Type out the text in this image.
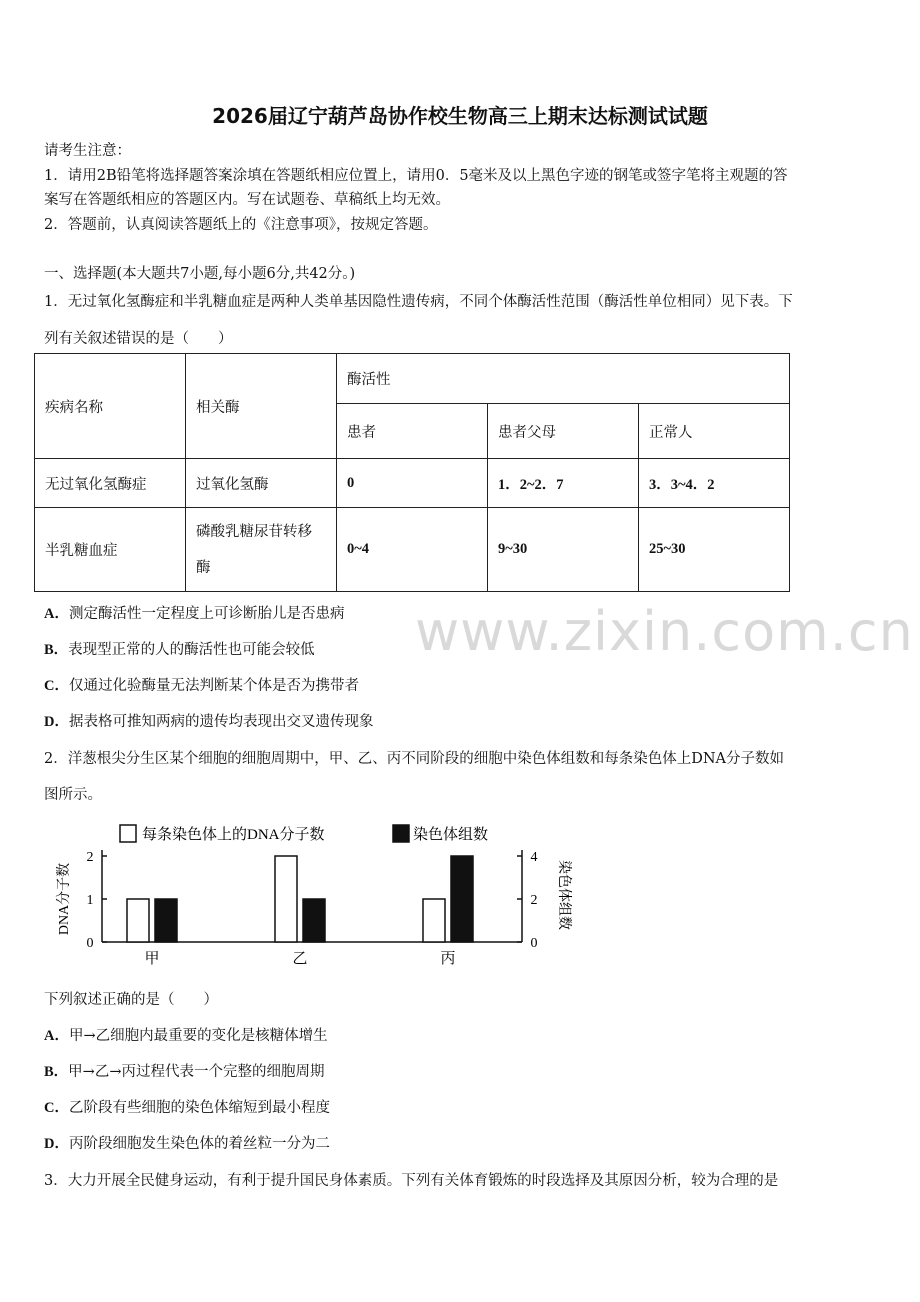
2026届辽宁葫芦岛协作校生物高三上期末达标测试试题
请考生注意：
1．请用2B铅笔将选择题答案涂填在答题纸相应位置上，请用0．5毫米及以上黑色字迹的钢笔或签字笔将主观题的答
案写在答题纸相应的答题区内。写在试题卷、草稿纸上均无效。
2．答题前，认真阅读答题纸上的《注意事项》，按规定答题。
一、选择题(本大题共7小题,每小题6分,共42分。)
1．无过氧化氢酶症和半乳糖血症是两种人类单基因隐性遗传病，不同个体酶活性范围（酶活性单位相同）见下表。下
列有关叙述错误的是（　　）
疾病名称	相关酶	酶活性		
		患者	患者父母	正常人
无过氧化氢酶症	过氧化氢酶	0	1．2~2．7	3．3~4．2
半乳糖血症	磷酸乳糖尿苷转移
酶	0~4	9~30	25~30
www.zixin.com.cn
A．测定酶活性一定程度上可诊断胎儿是否患病
B．表现型正常的人的酶活性也可能会较低
C．仅通过化验酶量无法判断某个体是否为携带者
D．据表格可推知两病的遗传均表现出交叉遗传现象
2．洋葱根尖分生区某个细胞的细胞周期中，甲、乙、丙不同阶段的细胞中染色体组数和每条染色体上DNA分子数如
图所示。
每条染色体上的DNA分子数	染色体组数
0
1
2
0
2
4
DNA分子数	染色体组数
甲	乙	丙
下列叙述正确的是（　　）
A．甲→乙细胞内最重要的变化是核糖体增生
B．甲→乙→丙过程代表一个完整的细胞周期
C．乙阶段有些细胞的染色体缩短到最小程度
D．丙阶段细胞发生染色体的着丝粒一分为二
3．大力开展全民健身运动，有利于提升国民身体素质。下列有关体育锻炼的时段选择及其原因分析，较为合理的是
